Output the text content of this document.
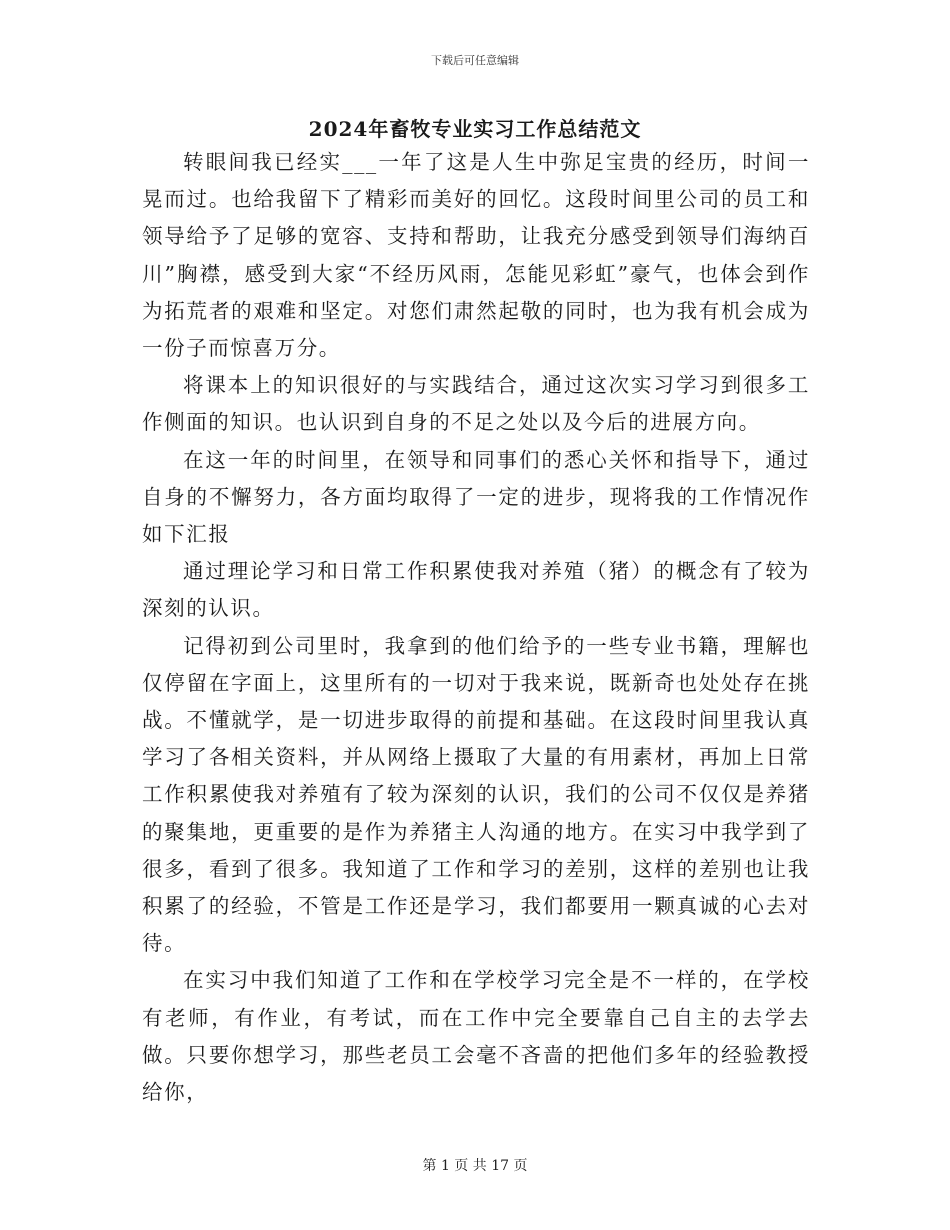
下载后可任意编辑
2024年畜牧专业实习工作总结范文

转眼间我已经实___一年了这是人生中弥足宝贵的经历，时间一晃而过。也给我留下了精彩而美好的回忆。这段时间里公司的员工和领导给予了足够的宽容、支持和帮助，让我充分感受到领导们海纳百川”胸襟，感受到大家“不经历风雨，怎能见彩虹”豪气，也体会到作为拓荒者的艰难和坚定。对您们肃然起敬的同时，也为我有机会成为一份子而惊喜万分。

将课本上的知识很好的与实践结合，通过这次实习学习到很多工作侧面的知识。也认识到自身的不足之处以及今后的进展方向。

在这一年的时间里，在领导和同事们的悉心关怀和指导下，通过自身的不懈努力，各方面均取得了一定的进步，现将我的工作情况作如下汇报

通过理论学习和日常工作积累使我对养殖（猪）的概念有了较为深刻的认识。

记得初到公司里时，我拿到的他们给予的一些专业书籍，理解也仅停留在字面上，这里所有的一切对于我来说，既新奇也处处存在挑战。不懂就学，是一切进步取得的前提和基础。在这段时间里我认真学习了各相关资料，并从网络上摄取了大量的有用素材，再加上日常工作积累使我对养殖有了较为深刻的认识，我们的公司不仅仅是养猪的聚集地，更重要的是作为养猪主人沟通的地方。在实习中我学到了很多，看到了很多。我知道了工作和学习的差别，这样的差别也让我积累了的经验，不管是工作还是学习，我们都要用一颗真诚的心去对待。

在实习中我们知道了工作和在学校学习完全是不一样的，在学校有老师，有作业，有考试，而在工作中完全要靠自己自主的去学去做。只要你想学习，那些老员工会毫不吝啬的把他们多年的经验教授给你，

第 1 页 共 17 页
